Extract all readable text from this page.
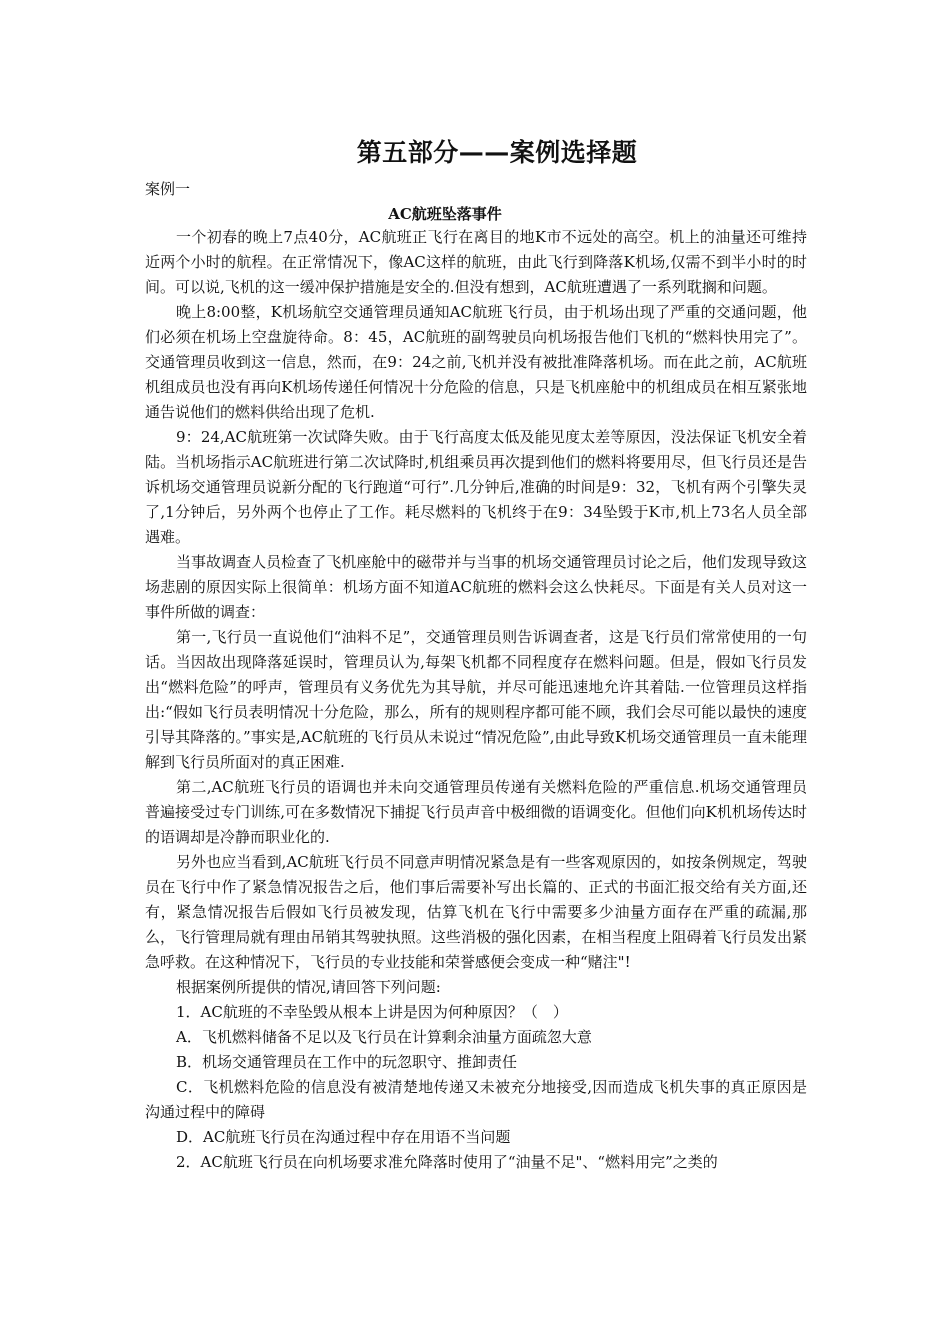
第五部分——案例选择题
案例一
AC航班坠落事件

一个初春的晚上7点40分，AC航班正飞行在离目的地K市不远处的高空。机上的油量还可维持近两个小时的航程。在正常情况下，像AC这样的航班，由此飞行到降落K机场,仅需不到半小时的时间。可以说,飞机的这一缓冲保护措施是安全的.但没有想到，AC航班遭遇了一系列耽搁和问题。

晚上8:00整，K机场航空交通管理员通知AC航班飞行员，由于机场出现了严重的交通问题，他们必须在机场上空盘旋待命。8：45，AC航班的副驾驶员向机场报告他们飞机的“燃料快用完了”。交通管理员收到这一信息，然而，在9：24之前,飞机并没有被批准降落机场。而在此之前，AC航班机组成员也没有再向K机场传递任何情况十分危险的信息，只是飞机座舱中的机组成员在相互紧张地通告说他们的燃料供给出现了危机.

9：24,AC航班第一次试降失败。由于飞行高度太低及能见度太差等原因，没法保证飞机安全着陆。当机场指示AC航班进行第二次试降时,机组乘员再次提到他们的燃料将要用尽，但飞行员还是告诉机场交通管理员说新分配的飞行跑道“可行”.几分钟后,准确的时间是9：32，飞机有两个引擎失灵了,1分钟后，另外两个也停止了工作。耗尽燃料的飞机终于在9：34坠毁于K市,机上73名人员全部遇难。

当事故调查人员检查了飞机座舱中的磁带并与当事的机场交通管理员讨论之后，他们发现导致这场悲剧的原因实际上很简单：机场方面不知道AC航班的燃料会这么快耗尽。下面是有关人员对这一事件所做的调查：

第一,飞行员一直说他们“油料不足”，交通管理员则告诉调查者，这是飞行员们常常使用的一句话。当因故出现降落延误时，管理员认为,每架飞机都不同程度存在燃料问题。但是，假如飞行员发出“燃料危险”的呼声，管理员有义务优先为其导航，并尽可能迅速地允许其着陆.一位管理员这样指出:“假如飞行员表明情况十分危险，那么，所有的规则程序都可能不顾，我们会尽可能以最快的速度引导其降落的。”事实是,AC航班的飞行员从未说过“情况危险”,由此导致K机场交通管理员一直未能理解到飞行员所面对的真正困难.

第二,AC航班飞行员的语调也并未向交通管理员传递有关燃料危险的严重信息.机场交通管理员普遍接受过专门训练,可在多数情况下捕捉飞行员声音中极细微的语调变化。但他们向K机机场传达时的语调却是冷静而职业化的.

另外也应当看到,AC航班飞行员不同意声明情况紧急是有一些客观原因的，如按条例规定，驾驶员在飞行中作了紧急情况报告之后，他们事后需要补写出长篇的、正式的书面汇报交给有关方面,还有，紧急情况报告后假如飞行员被发现，估算飞机在飞行中需要多少油量方面存在严重的疏漏,那么，飞行管理局就有理由吊销其驾驶执照。这些消极的强化因素，在相当程度上阻碍着飞行员发出紧急呼救。在这种情况下，飞行员的专业技能和荣誉感便会变成一种“赌注"!

根据案例所提供的情况,请回答下列问题:

1．AC航班的不幸坠毁从根本上讲是因为何种原因？（　）

A．飞机燃料储备不足以及飞行员在计算剩余油量方面疏忽大意

B．机场交通管理员在工作中的玩忽职守、推卸责任

C．飞机燃料危险的信息没有被清楚地传递又未被充分地接受,因而造成飞机失事的真正原因是沟通过程中的障碍

D．AC航班飞行员在沟通过程中存在用语不当问题

2．AC航班飞行员在向机场要求准允降落时使用了“油量不足"、“燃料用完”之类的
